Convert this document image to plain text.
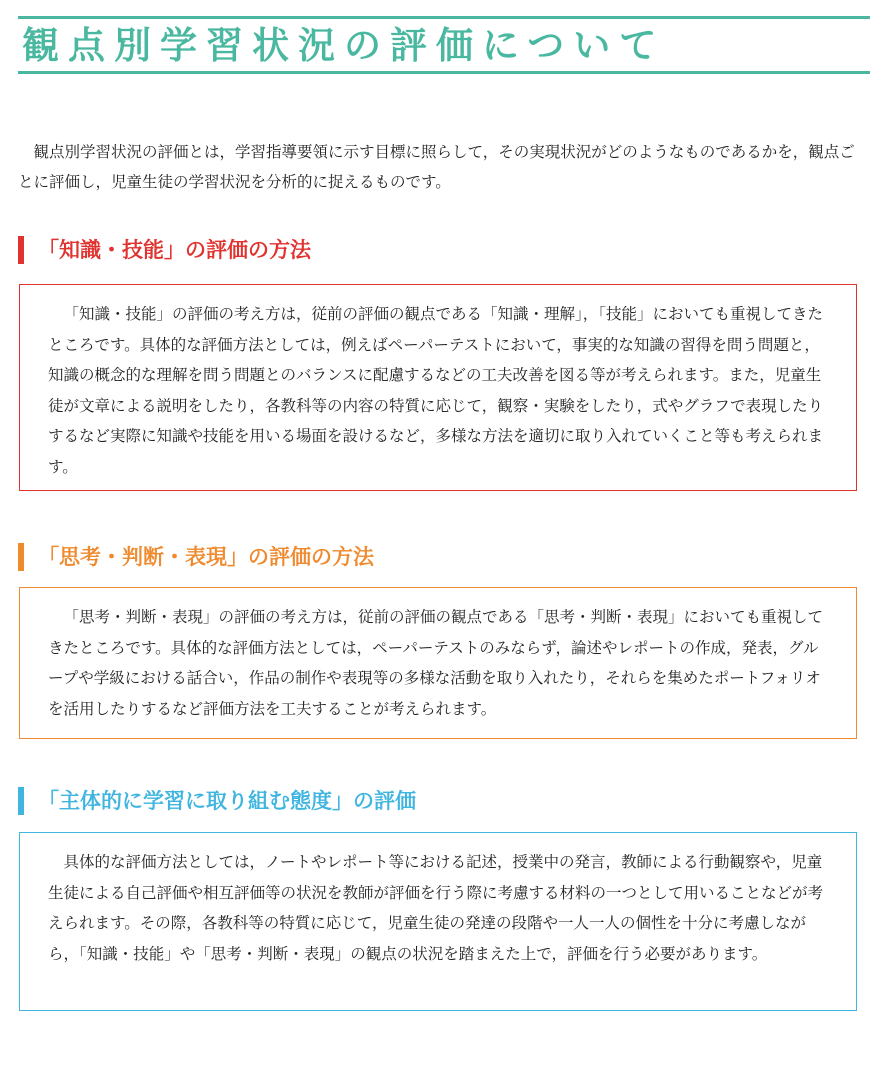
観点別学習状況の評価について

観点別学習状況の評価とは，学習指導要領に示す目標に照らして，その実現状況がどのようなものであるかを，観点ごとに評価し，児童生徒の学習状況を分析的に捉えるものです。

「知識・技能」の評価の方法

「知識・技能」の評価の考え方は，従前の評価の観点である「知識・理解」，「技能」においても重視してきたところです。具体的な評価方法としては，例えばペーパーテストにおいて，事実的な知識の習得を問う問題と，知識の概念的な理解を問う問題とのバランスに配慮するなどの工夫改善を図る等が考えられます。また，児童生徒が文章による説明をしたり，各教科等の内容の特質に応じて，観察・実験をしたり，式やグラフで表現したりするなど実際に知識や技能を用いる場面を設けるなど，多様な方法を適切に取り入れていくこと等も考えられます。

「思考・判断・表現」の評価の方法

「思考・判断・表現」の評価の考え方は，従前の評価の観点である「思考・判断・表現」においても重視してきたところです。具体的な評価方法としては，ペーパーテストのみならず，論述やレポートの作成，発表，グループや学級における話合い，作品の制作や表現等の多様な活動を取り入れたり，それらを集めたポートフォリオを活用したりするなど評価方法を工夫することが考えられます。

「主体的に学習に取り組む態度」の評価

具体的な評価方法としては，ノートやレポート等における記述，授業中の発言，教師による行動観察や，児童生徒による自己評価や相互評価等の状況を教師が評価を行う際に考慮する材料の一つとして用いることなどが考えられます。その際，各教科等の特質に応じて，児童生徒の発達の段階や一人一人の個性を十分に考慮しながら，「知識・技能」や「思考・判断・表現」の観点の状況を踏まえた上で，評価を行う必要があります。
